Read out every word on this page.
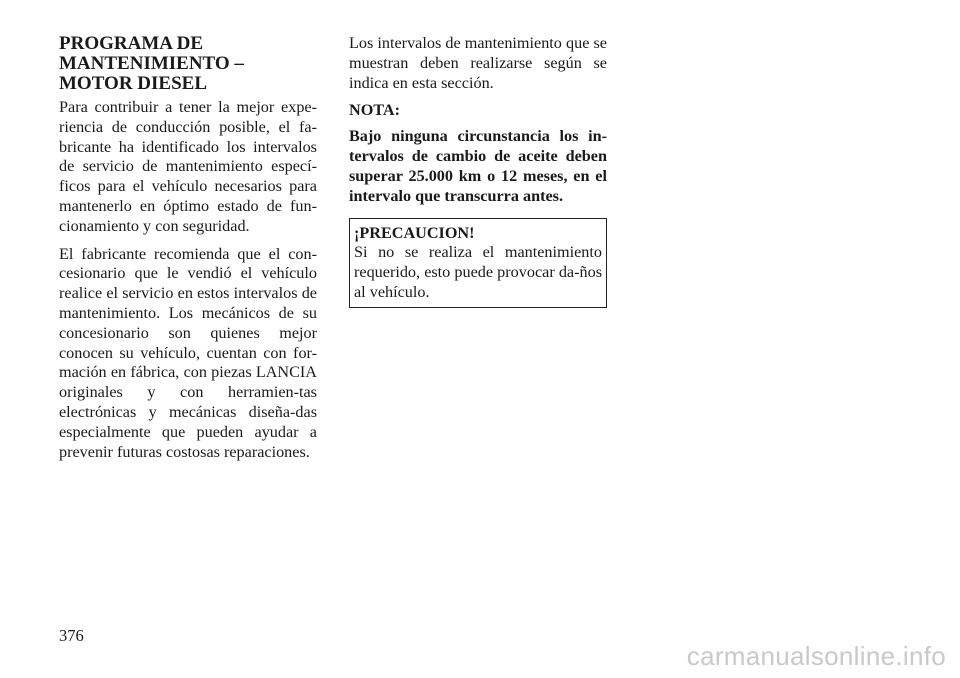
PROGRAMA DE
MANTENIMIENTO –
MOTOR DIESEL

Para contribuir a tener la mejor expe-riencia de conducción posible, el fa-bricante ha identificado los intervalos de servicio de mantenimiento especí-ficos para el vehículo necesarios para mantenerlo en óptimo estado de fun-cionamiento y con seguridad.

El fabricante recomienda que el con-cesionario que le vendió el vehículo realice el servicio en estos intervalos de mantenimiento. Los mecánicos de su concesionario son quienes mejor conocen su vehículo, cuentan con for-mación en fábrica, con piezas LANCIA originales y con herramien-tas electrónicas y mecánicas diseña-das especialmente que pueden ayudar a prevenir futuras costosas reparaciones.

Los intervalos de mantenimiento que se muestran deben realizarse según se indica en esta sección.

NOTA:

Bajo ninguna circunstancia los in-tervalos de cambio de aceite deben superar 25.000 km o 12 meses, en el intervalo que transcurra antes.

¡PRECAUCION!

Si no se realiza el mantenimiento requerido, esto puede provocar da-ños al vehículo.

376
carmanualsonline.info
